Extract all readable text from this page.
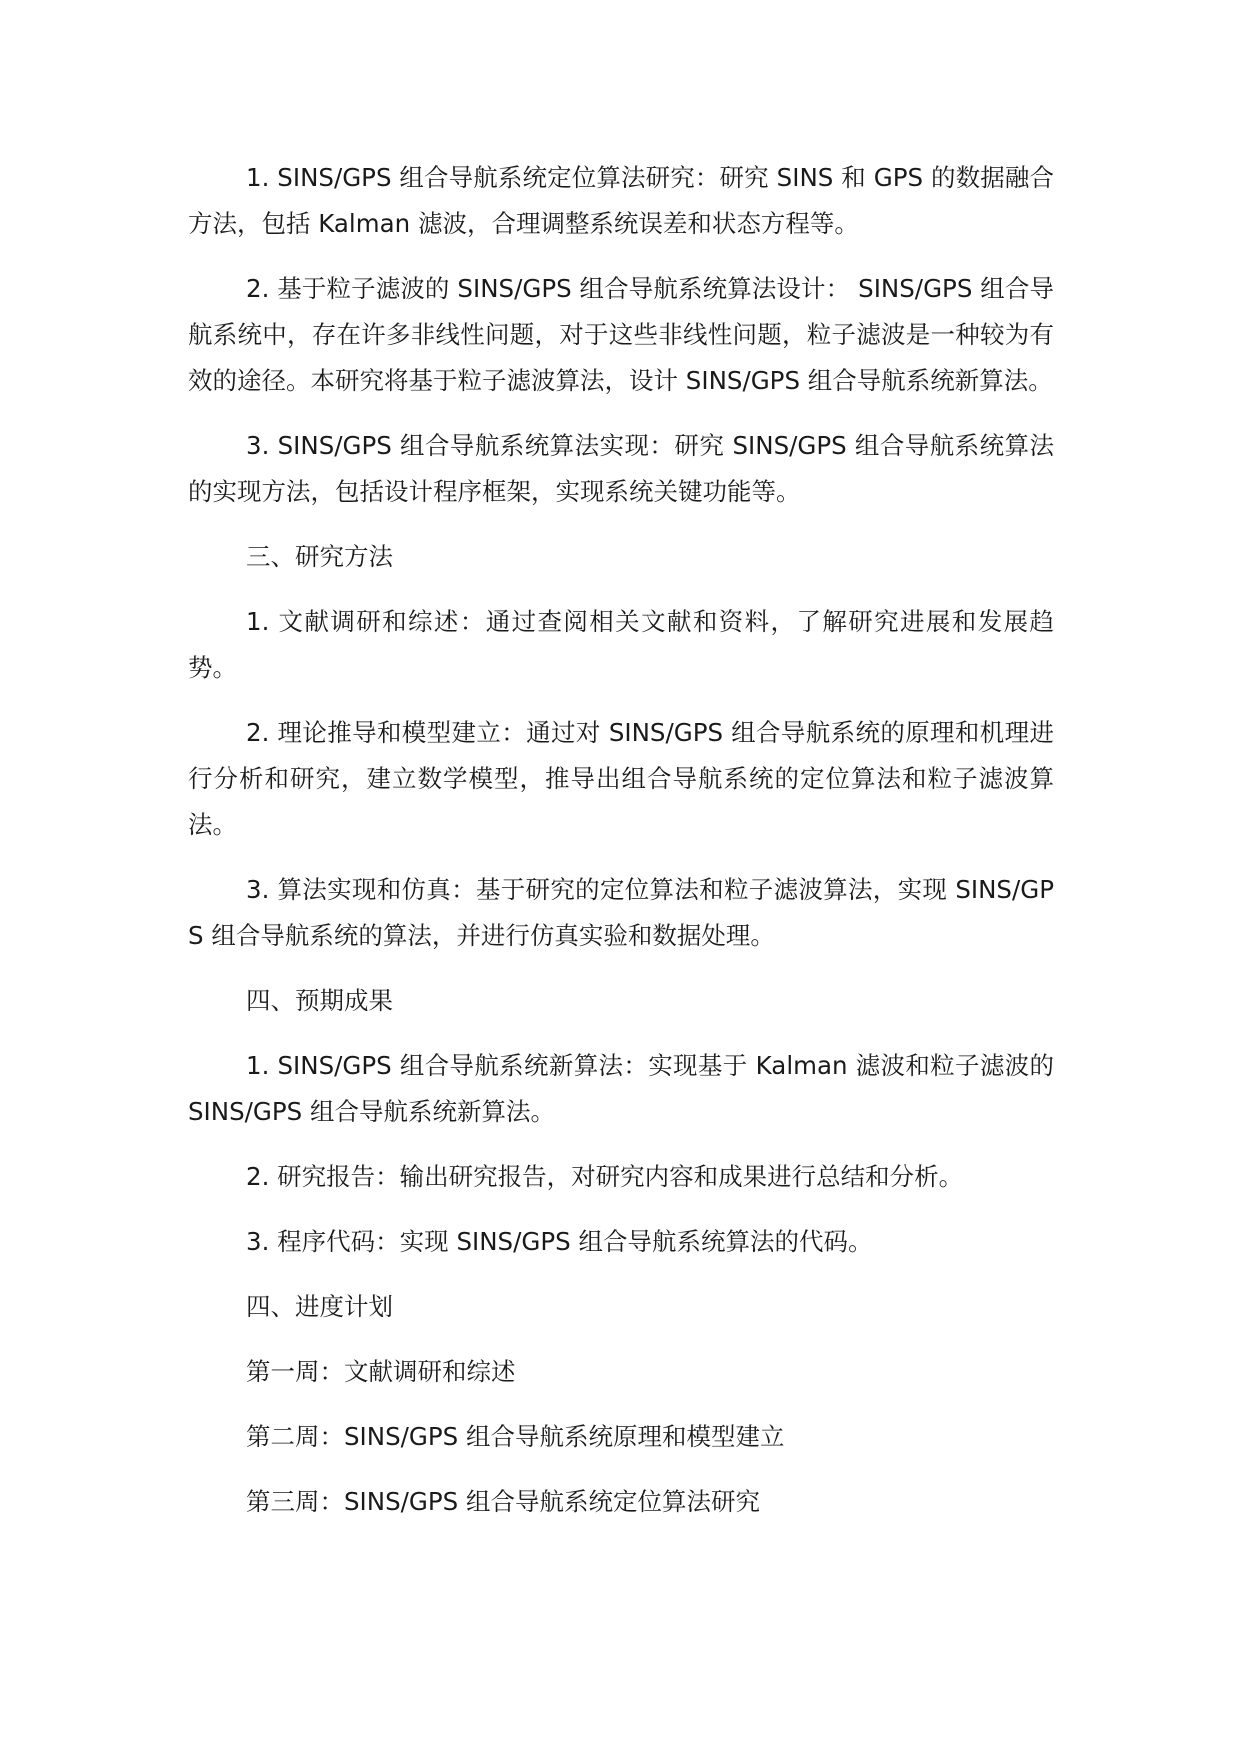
1. SINS/GPS 组合导航系统定位算法研究：研究 SINS 和 GPS 的数据融合方法，包括 Kalman 滤波，合理调整系统误差和状态方程等。

2. 基于粒子滤波的 SINS/GPS 组合导航系统算法设计： SINS/GPS 组合导航系统中，存在许多非线性问题，对于这些非线性问题，粒子滤波是一种较为有效的途径。本研究将基于粒子滤波算法，设计 SINS/GPS 组合导航系统新算法。

3. SINS/GPS 组合导航系统算法实现：研究 SINS/GPS 组合导航系统算法的实现方法，包括设计程序框架，实现系统关键功能等。

三、研究方法

1. 文献调研和综述：通过查阅相关文献和资料，了解研究进展和发展趋势。

2. 理论推导和模型建立：通过对 SINS/GPS 组合导航系统的原理和机理进行分析和研究，建立数学模型，推导出组合导航系统的定位算法和粒子滤波算法。

3. 算法实现和仿真：基于研究的定位算法和粒子滤波算法，实现 SINS/GPS 组合导航系统的算法，并进行仿真实验和数据处理。

四、预期成果

1. SINS/GPS 组合导航系统新算法：实现基于 Kalman 滤波和粒子滤波的 SINS/GPS 组合导航系统新算法。

2. 研究报告：输出研究报告，对研究内容和成果进行总结和分析。

3. 程序代码：实现 SINS/GPS 组合导航系统算法的代码。

四、进度计划

第一周：文献调研和综述

第二周：SINS/GPS 组合导航系统原理和模型建立

第三周：SINS/GPS 组合导航系统定位算法研究
